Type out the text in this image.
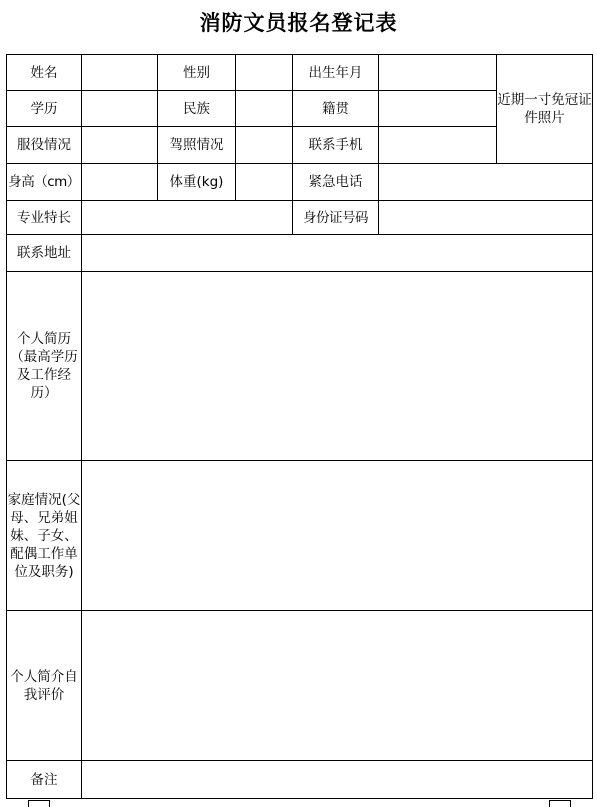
消防文员报名登记表
姓名		性别		出生年月		近期一寸免冠证件照片
学历		民族		籍贯		
服役情况		驾照情况		联系手机		
身高（cm）		体重(kg)		紧急电话		
专业特长				身份证号码		
联系地址						
个人简历（最高学历及工作经历）						
家庭情况(父母、兄弟姐妹、子女、配偶工作单位及职务)						
个人简介自我评价						
备注						
